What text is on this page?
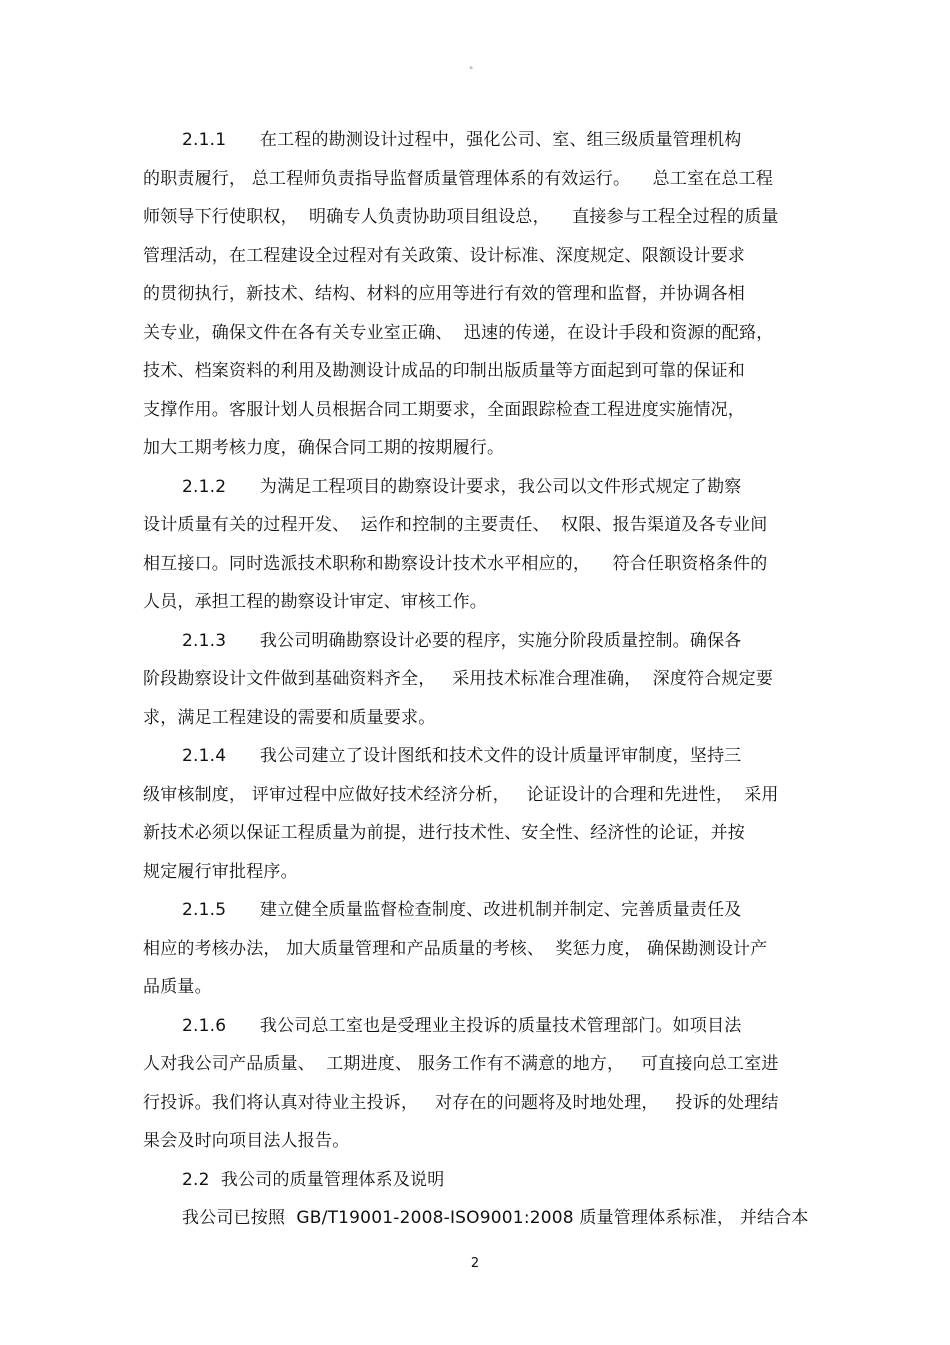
"
2.1.1      在工程的勘测设计过程中，强化公司、室、组三级质量管理机构
的职责履行， 总工程师负责指导监督质量管理体系的有效运行。    总工室在总工程
师领导下行使职权，  明确专人负责协助项目组设总，    直接参与工程全过程的质量
管理活动，在工程建设全过程对有关政策、设计标准、深度规定、限额设计要求
的贯彻执行，新技术、结构、材料的应用等进行有效的管理和监督，并协调各相
关专业，确保文件在各有关专业室正确、  迅速的传递，在设计手段和资源的配臵，
技术、档案资料的利用及勘测设计成品的印制出版质量等方面起到可靠的保证和
支撑作用。客服计划人员根据合同工期要求，全面跟踪检查工程进度实施情况，
加大工期考核力度，确保合同工期的按期履行。
2.1.2      为满足工程项目的勘察设计要求，我公司以文件形式规定了勘察
设计质量有关的过程开发、  运作和控制的主要责任、  权限、报告渠道及各专业间
相互接口。同时选派技术职称和勘察设计技术水平相应的，    符合任职资格条件的
人员，承担工程的勘察设计审定、审核工作。
2.1.3      我公司明确勘察设计必要的程序，实施分阶段质量控制。确保各
阶段勘察设计文件做到基础资料齐全，   采用技术标准合理准确，  深度符合规定要
求，满足工程建设的需要和质量要求。
2.1.4      我公司建立了设计图纸和技术文件的设计质量评审制度，坚持三
级审核制度， 评审过程中应做好技术经济分析，   论证设计的合理和先进性，  采用
新技术必须以保证工程质量为前提，进行技术性、安全性、经济性的论证，并按
规定履行审批程序。
2.1.5      建立健全质量监督检查制度、改进机制并制定、完善质量责任及
相应的考核办法， 加大质量管理和产品质量的考核、  奖惩力度， 确保勘测设计产
品质量。
2.1.6      我公司总工室也是受理业主投诉的质量技术管理部门。如项目法
人对我公司产品质量、  工期进度、 服务工作有不满意的地方，   可直接向总工室进
行投诉。我们将认真对待业主投诉，   对存在的问题将及时地处理，   投诉的处理结
果会及时向项目法人报告。
2.2  我公司的质量管理体系及说明
我公司已按照  GB/T19001-2008-ISO9001:2008 质量管理体系标准， 并结合本
2
